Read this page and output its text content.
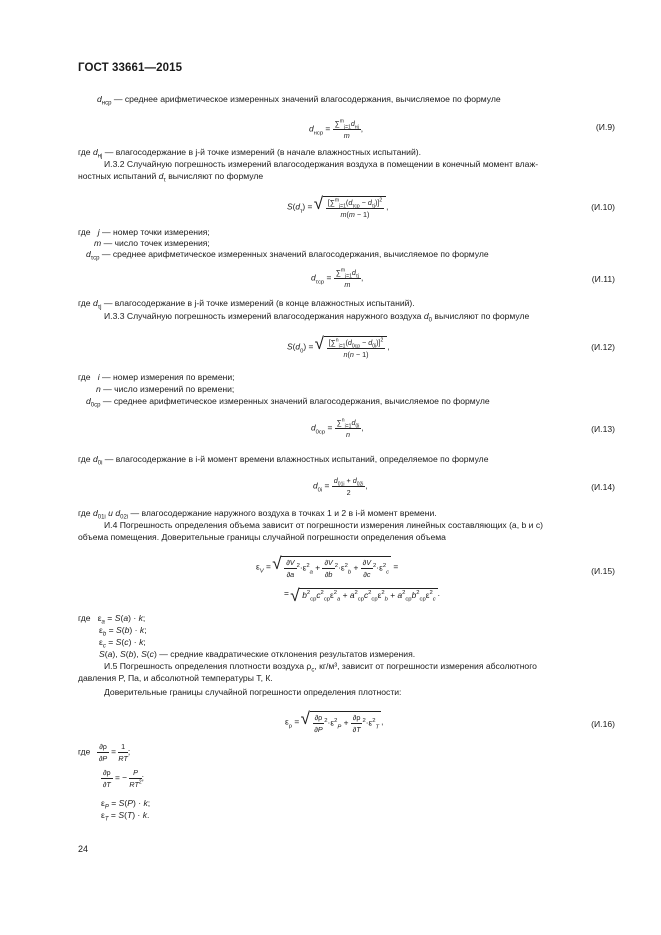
ГОСТ 33661—2015
$d_{нср}$ — среднее арифметическое измеренных значений влагосодержания, вычисляемое по формуле
$d_{нср}$ =
$\sum^m_{j=1}d_{нj}$
m
,	(И.9)
где $d_{нj}$ — влагосодержание в j-й точке измерений (в начале влажностных испытаний).
И.3.2 Случайную погрешность измерений влагосодержания воздуха в помещении в конечный момент влаж-
ностных испытаний $d_\tau$ вычисляют по формуле
$S(d_\tau)$ = √ $[\sum^m_{j=1}(d_{\tau ср} - d_{\tau j})]^2$
m(m − 1)
,	(И.10)
где j — номер точки измерения;
m — число точек измерения;
$d_{\tau ср}$ — среднее арифметическое измеренных значений влагосодержания, вычисляемое по формуле
$d_{\tau ср}$ =
$\sum^m_{j=1}d_{\tau j}$
m
,	(И.11)
где $d_{\tau j}$ — влагосодержание в j-й точке измерений (в конце влажностных испытаний).
И.3.3 Случайную погрешность измерений влагосодержания наружного воздуха $d_0$ вычисляют по формуле
$S(d_0)$ = √ $[\sum^n_{i=1}(d_{0ср} - d_{0i})]^2$
n(n − 1)
,	(И.12)
где i — номер измерения по времени;
n — число измерений по времени;
$d_{0ср}$ — среднее арифметическое измеренных значений влагосодержания, вычисляемое по формуле
$d_{0ср} = \frac{\sum^n_{i=1}d_{0i}}{n}$ ,	(И.13)
где $d_{0i}$ — влагосодержание в i-й момент времени влажностных испытаний, определяемое по формуле
$d_{0i} = \frac{d_{01i} + d_{02i}}{2}$ ,	(И.14)
где $d_{01i}$ и $d_{02i}$ — влагосодержание наружного воздуха в точках 1 и 2 в i-й момент времени.
И.4 Погрешность определения объема зависит от погрешности измерения линейных составляющих (a, b и c)
объема помещения. Доверительные границы случайной погрешности определения объема
$\varepsilon_V$ = √ $\frac{\partial V}{\partial a} ^2\cdot\varepsilon^2_a + \frac{\partial V}{\partial b} ^2\cdot\varepsilon^2_b + \frac{\partial V}{\partial c} ^2\cdot\varepsilon^2_c$ =
= √ $b^2_{ср}c^2_{ср}\varepsilon^2_a + a^2_{ср}c^2_{ср}\varepsilon^2_b + a^2_{ср}b^2_{ср}\varepsilon^2_c$.
(И.15)
где   $\varepsilon_a = S(a) \cdot k$;
$\varepsilon_b = S(b) \cdot k$;
$\varepsilon_c = S(c) \cdot k$;
S(a), S(b), S(c) — средние квадратические отклонения результатов измерения.
И.5 Погрешность определения плотности воздуха $\rho_с$, кг/м³, зависит от погрешности измерения абсолютного
давления P, Па, и абсолютной температуры T, К.
Доверительные границы случайной погрешности определения плотности:
$\varepsilon_\rho$ = √ $\frac{\partial\rho}{\partial P} ^2\cdot\varepsilon^2_P + \frac{\partial\rho}{\partial T} ^2\cdot\varepsilon^2_T$,	(И.16)
где $\frac{\partial\rho}{\partial P} = \frac{1}{RT}$ ;
$\frac{\partial\rho}{\partial T}$ = − $\frac{P}{RT^2}$ ;
$\varepsilon_P = S(P) \cdot k$;
$\varepsilon_T = S(T) \cdot k$.
24
